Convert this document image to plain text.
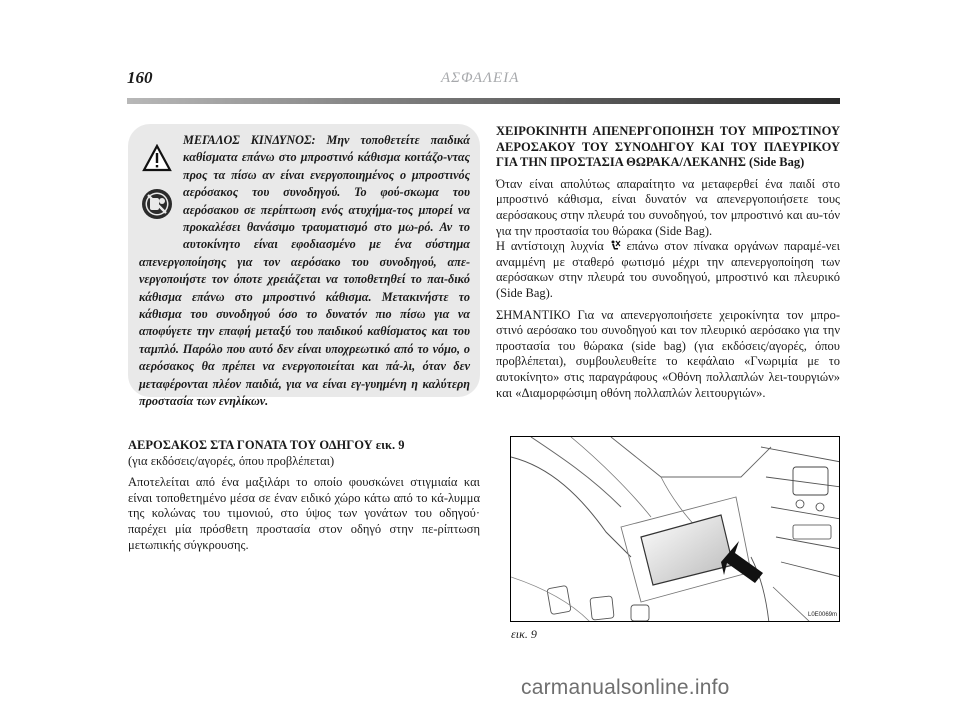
160	ΑΣΦΑΛΕΙΑ

ΜΕΓΑΛΟΣ ΚΙΝΔΥΝΟΣ: Μην τοποθετείτε παιδικά καθίσματα επάνω στο μπροστινό κάθισμα κοιτάζο-ντας προς τα πίσω αν είναι ενεργοποιημένος ο μπροστινός αερόσακος του συνοδηγού. Το φού-σκωμα του αερόσακου σε περίπτωση ενός ατυχήμα-τος μπορεί να προκαλέσει θανάσιμο τραυματισμό στο μω-ρό. Αν το αυτοκίνητο είναι εφοδιασμένο με ένα σύστημα απενεργοποίησης για τον αερόσακο του συνοδηγού, απε-νεργοποιήστε τον όποτε χρειάζεται να τοποθετηθεί το παι-δικό κάθισμα επάνω στο μπροστινό κάθισμα. Μετακινήστε το κάθισμα του συνοδηγού όσο το δυνατόν πιο πίσω για να αποφύγετε την επαφή μεταξύ του παιδικού καθίσματος και του ταμπλό. Παρόλο που αυτό δεν είναι υποχρεωτικό από το νόμο, ο αερόσακος θα πρέπει να ενεργοποιείται και πά-λι, όταν δεν μεταφέρονται πλέον παιδιά, για να είναι εγ-γυημένη η καλύτερη προστασία των ενηλίκων.

ΑΕΡΟΣΑΚΟΣ ΣΤΑ ΓΟΝΑΤΑ ΤΟΥ ΟΔΗΓΟΥ εικ. 9

(για εκδόσεις/αγορές, όπου προβλέπεται)

Αποτελείται από ένα μαξιλάρι το οποίο φουσκώνει στιγμιαία και είναι τοποθετημένο μέσα σε έναν ειδικό χώρο κάτω από το κά-λυμμα της κολώνας του τιμονιού, στο ύψος των γονάτων του οδηγού· παρέχει μία πρόσθετη προστασία στον οδηγό στην πε-ρίπτωση μετωπικής σύγκρουσης.

ΧΕΙΡΟΚΙΝΗΤΗ ΑΠΕΝΕΡΓΟΠΟΙΗΣΗ ΤΟΥ ΜΠΡΟΣΤΙΝΟΥ ΑΕΡΟΣΑΚΟΥ ΤΟΥ ΣΥΝΟΔΗΓΟΥ ΚΑΙ ΤΟΥ ΠΛΕΥΡΙΚΟΥ ΓΙΑ ΤΗΝ ΠΡΟΣΤΑΣΙΑ ΘΩΡΑΚΑ/ΛΕΚΑΝΗΣ (Side Bag)

Όταν είναι απολύτως απαραίτητο να μεταφερθεί ένα παιδί στο μπροστινό κάθισμα, είναι δυνατόν να απενεργοποιήσετε τους αερόσακους στην πλευρά του συνοδηγού, τον μπροστινό και αυ-τόν για την προστασία του θώρακα (Side Bag).

Η αντίστοιχη λυχνία επάνω στον πίνακα οργάνων παραμέ-νει αναμμένη με σταθερό φωτισμό μέχρι την απενεργοποίηση των αερόσακων στην πλευρά του συνοδηγού, μπροστινό και πλευρικό (Side Bag).

ΣΗΜΑΝΤΙΚΟ Για να απενεργοποιήσετε χειροκίνητα τον μπρο-στινό αερόσακο του συνοδηγού και τον πλευρικό αερόσακο για την προστασία του θώρακα (side bag) (για εκδόσεις/αγορές, όπου προβλέπεται), συμβουλευθείτε το κεφάλαιο «Γνωριμία με το αυτοκίνητο» στις παραγράφους «Οθόνη πολλαπλών λει-τουργιών» και «Διαμορφώσιμη οθόνη πολλαπλών λειτουργιών».

εικ. 9
L0E0069m
carmanualsonline.info
